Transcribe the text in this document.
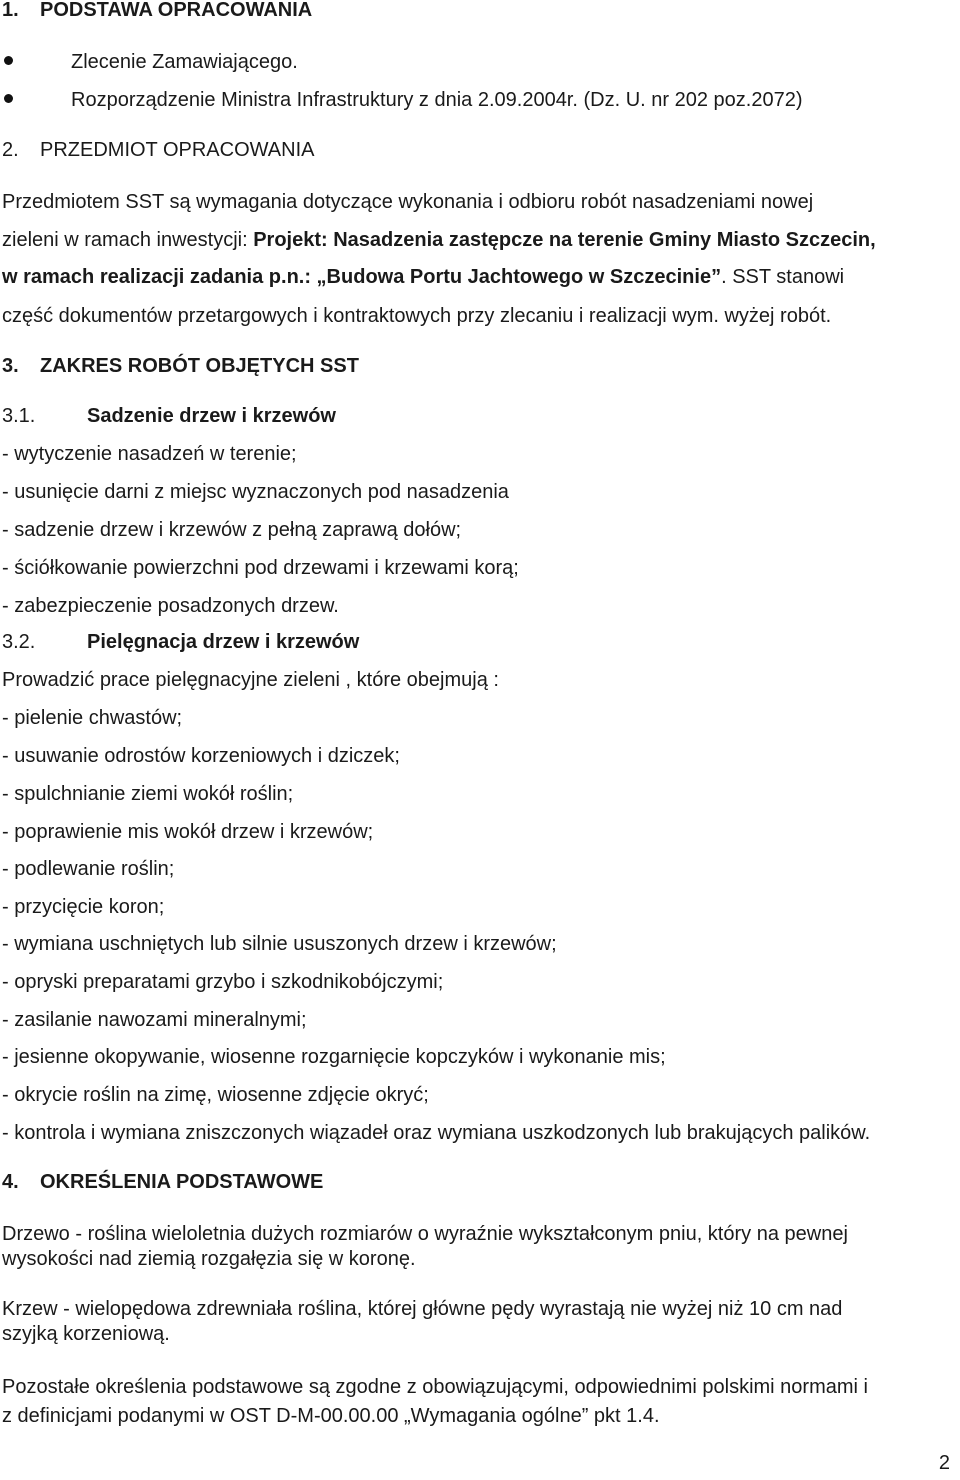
1. PODSTAWA OPRACOWANIA

Zlecenie Zamawiającego.

Rozporządzenie Ministra Infrastruktury z dnia 2.09.2004r. (Dz. U. nr 202 poz.2072)

2. PRZEDMIOT OPRACOWANIA

Przedmiotem SST są wymagania dotyczące wykonania i odbioru robót nasadzeniami nowej

zieleni w ramach inwestycji: Projekt: Nasadzenia zastępcze na terenie Gminy Miasto Szczecin,

w ramach realizacji zadania p.n.: „Budowa Portu Jachtowego w Szczecinie”. SST stanowi

część dokumentów przetargowych i kontraktowych przy zlecaniu i realizacji wym. wyżej robót.

3. ZAKRES ROBÓT OBJĘTYCH SST

3.1.	Sadzenie drzew i krzewów

- wytyczenie nasadzeń w terenie;

- usunięcie darni z miejsc wyznaczonych pod nasadzenia

- sadzenie drzew i krzewów z pełną zaprawą dołów;

- ściółkowanie powierzchni pod drzewami i krzewami korą;

- zabezpieczenie posadzonych drzew.

3.2.	Pielęgnacja drzew i krzewów

Prowadzić prace pielęgnacyjne zieleni , które obejmują :

- pielenie chwastów;

- usuwanie odrostów korzeniowych i dziczek;

- spulchnianie ziemi wokół roślin;

- poprawienie mis wokół drzew i krzewów;

- podlewanie roślin;

- przycięcie koron;

- wymiana uschniętych lub silnie ususzonych drzew i krzewów;

- opryski preparatami grzybo i szkodnikobójczymi;

- zasilanie nawozami mineralnymi;

- jesienne okopywanie, wiosenne rozgarnięcie kopczyków i wykonanie mis;

- okrycie roślin na zimę, wiosenne zdjęcie okryć;

- kontrola i wymiana zniszczonych wiązadeł oraz wymiana uszkodzonych lub brakujących palików.

4. OKREŚLENIA PODSTAWOWE

Drzewo - roślina wieloletnia dużych rozmiarów o wyraźnie wykształconym pniu, który na pewnej

wysokości nad ziemią rozgałęzia się w koronę.

Krzew - wielopędowa zdrewniała roślina, której główne pędy wyrastają nie wyżej niż 10 cm nad

szyjką korzeniową.

Pozostałe określenia podstawowe są zgodne z obowiązującymi, odpowiednimi polskimi normami i

z definicjami podanymi w OST D-M-00.00.00 „Wymagania ogólne” pkt 1.4.

2
